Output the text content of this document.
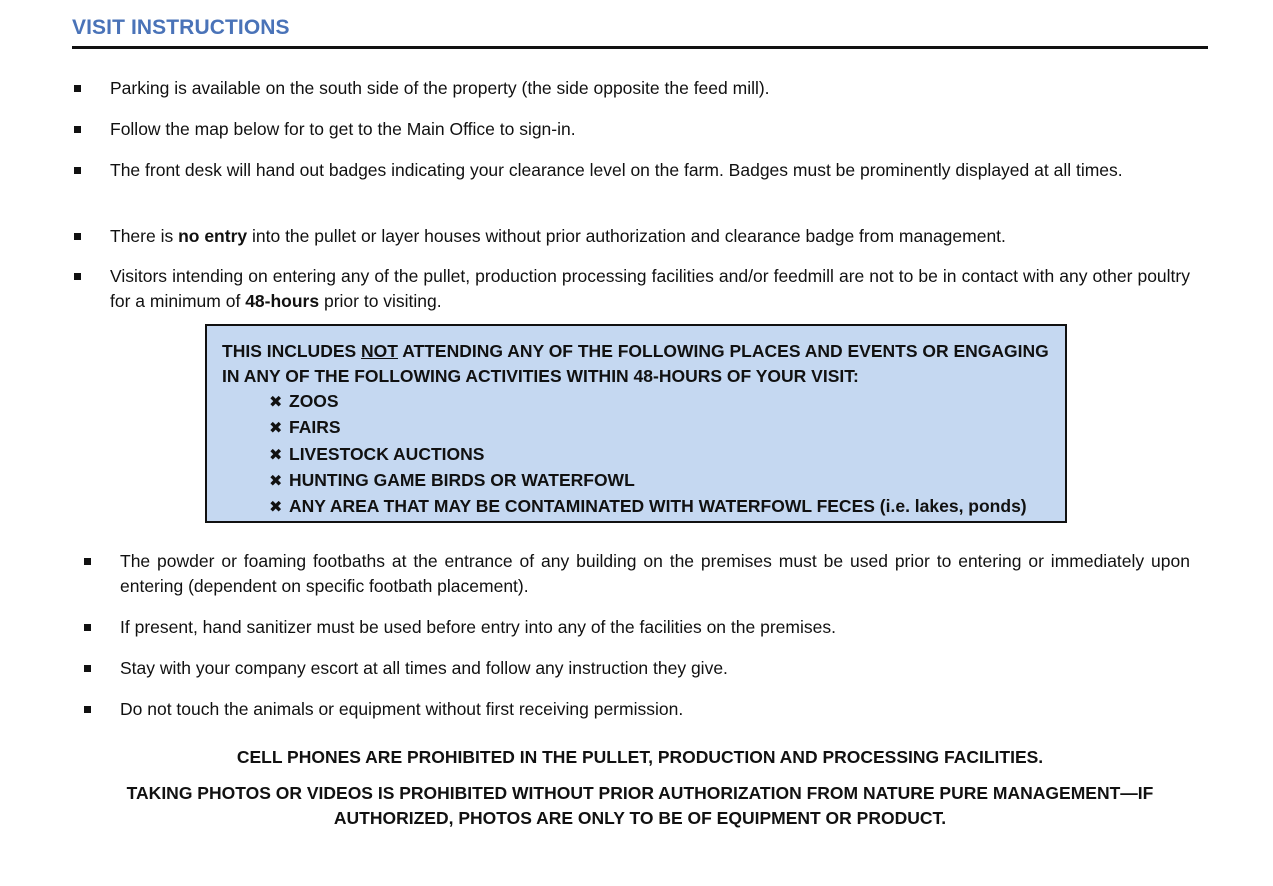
VISIT INSTRUCTIONS
Parking is available on the south side of the property (the side opposite the feed mill).
Follow the map below for to get to the Main Office to sign-in.
The front desk will hand out badges indicating your clearance level on the farm. Badges must be prominently displayed at all times.
There is no entry into the pullet or layer houses without prior authorization and clearance badge from management.
Visitors intending on entering any of the pullet, production processing facilities and/or feedmill are not to be in contact with any other poultry for a minimum of 48-hours prior to visiting.
THIS INCLUDES NOT ATTENDING ANY OF THE FOLLOWING PLACES AND EVENTS OR ENGAGING IN ANY OF THE FOLLOWING ACTIVITIES WITHIN 48-HOURS OF YOUR VISIT:
✖ ZOOS
✖ FAIRS
✖ LIVESTOCK AUCTIONS
✖ HUNTING GAME BIRDS OR WATERFOWL
✖ ANY AREA THAT MAY BE CONTAMINATED WITH WATERFOWL FECES (i.e. lakes, ponds)
The powder or foaming footbaths at the entrance of any building on the premises must be used prior to entering or immediately upon entering (dependent on specific footbath placement).
If present, hand sanitizer must be used before entry into any of the facilities on the premises.
Stay with your company escort at all times and follow any instruction they give.
Do not touch the animals or equipment without first receiving permission.
CELL PHONES ARE PROHIBITED IN THE PULLET, PRODUCTION AND PROCESSING FACILITIES.
TAKING PHOTOS OR VIDEOS IS PROHIBITED WITHOUT PRIOR AUTHORIZATION FROM NATURE PURE MANAGEMENT—IF AUTHORIZED, PHOTOS ARE ONLY TO BE OF EQUIPMENT OR PRODUCT.
